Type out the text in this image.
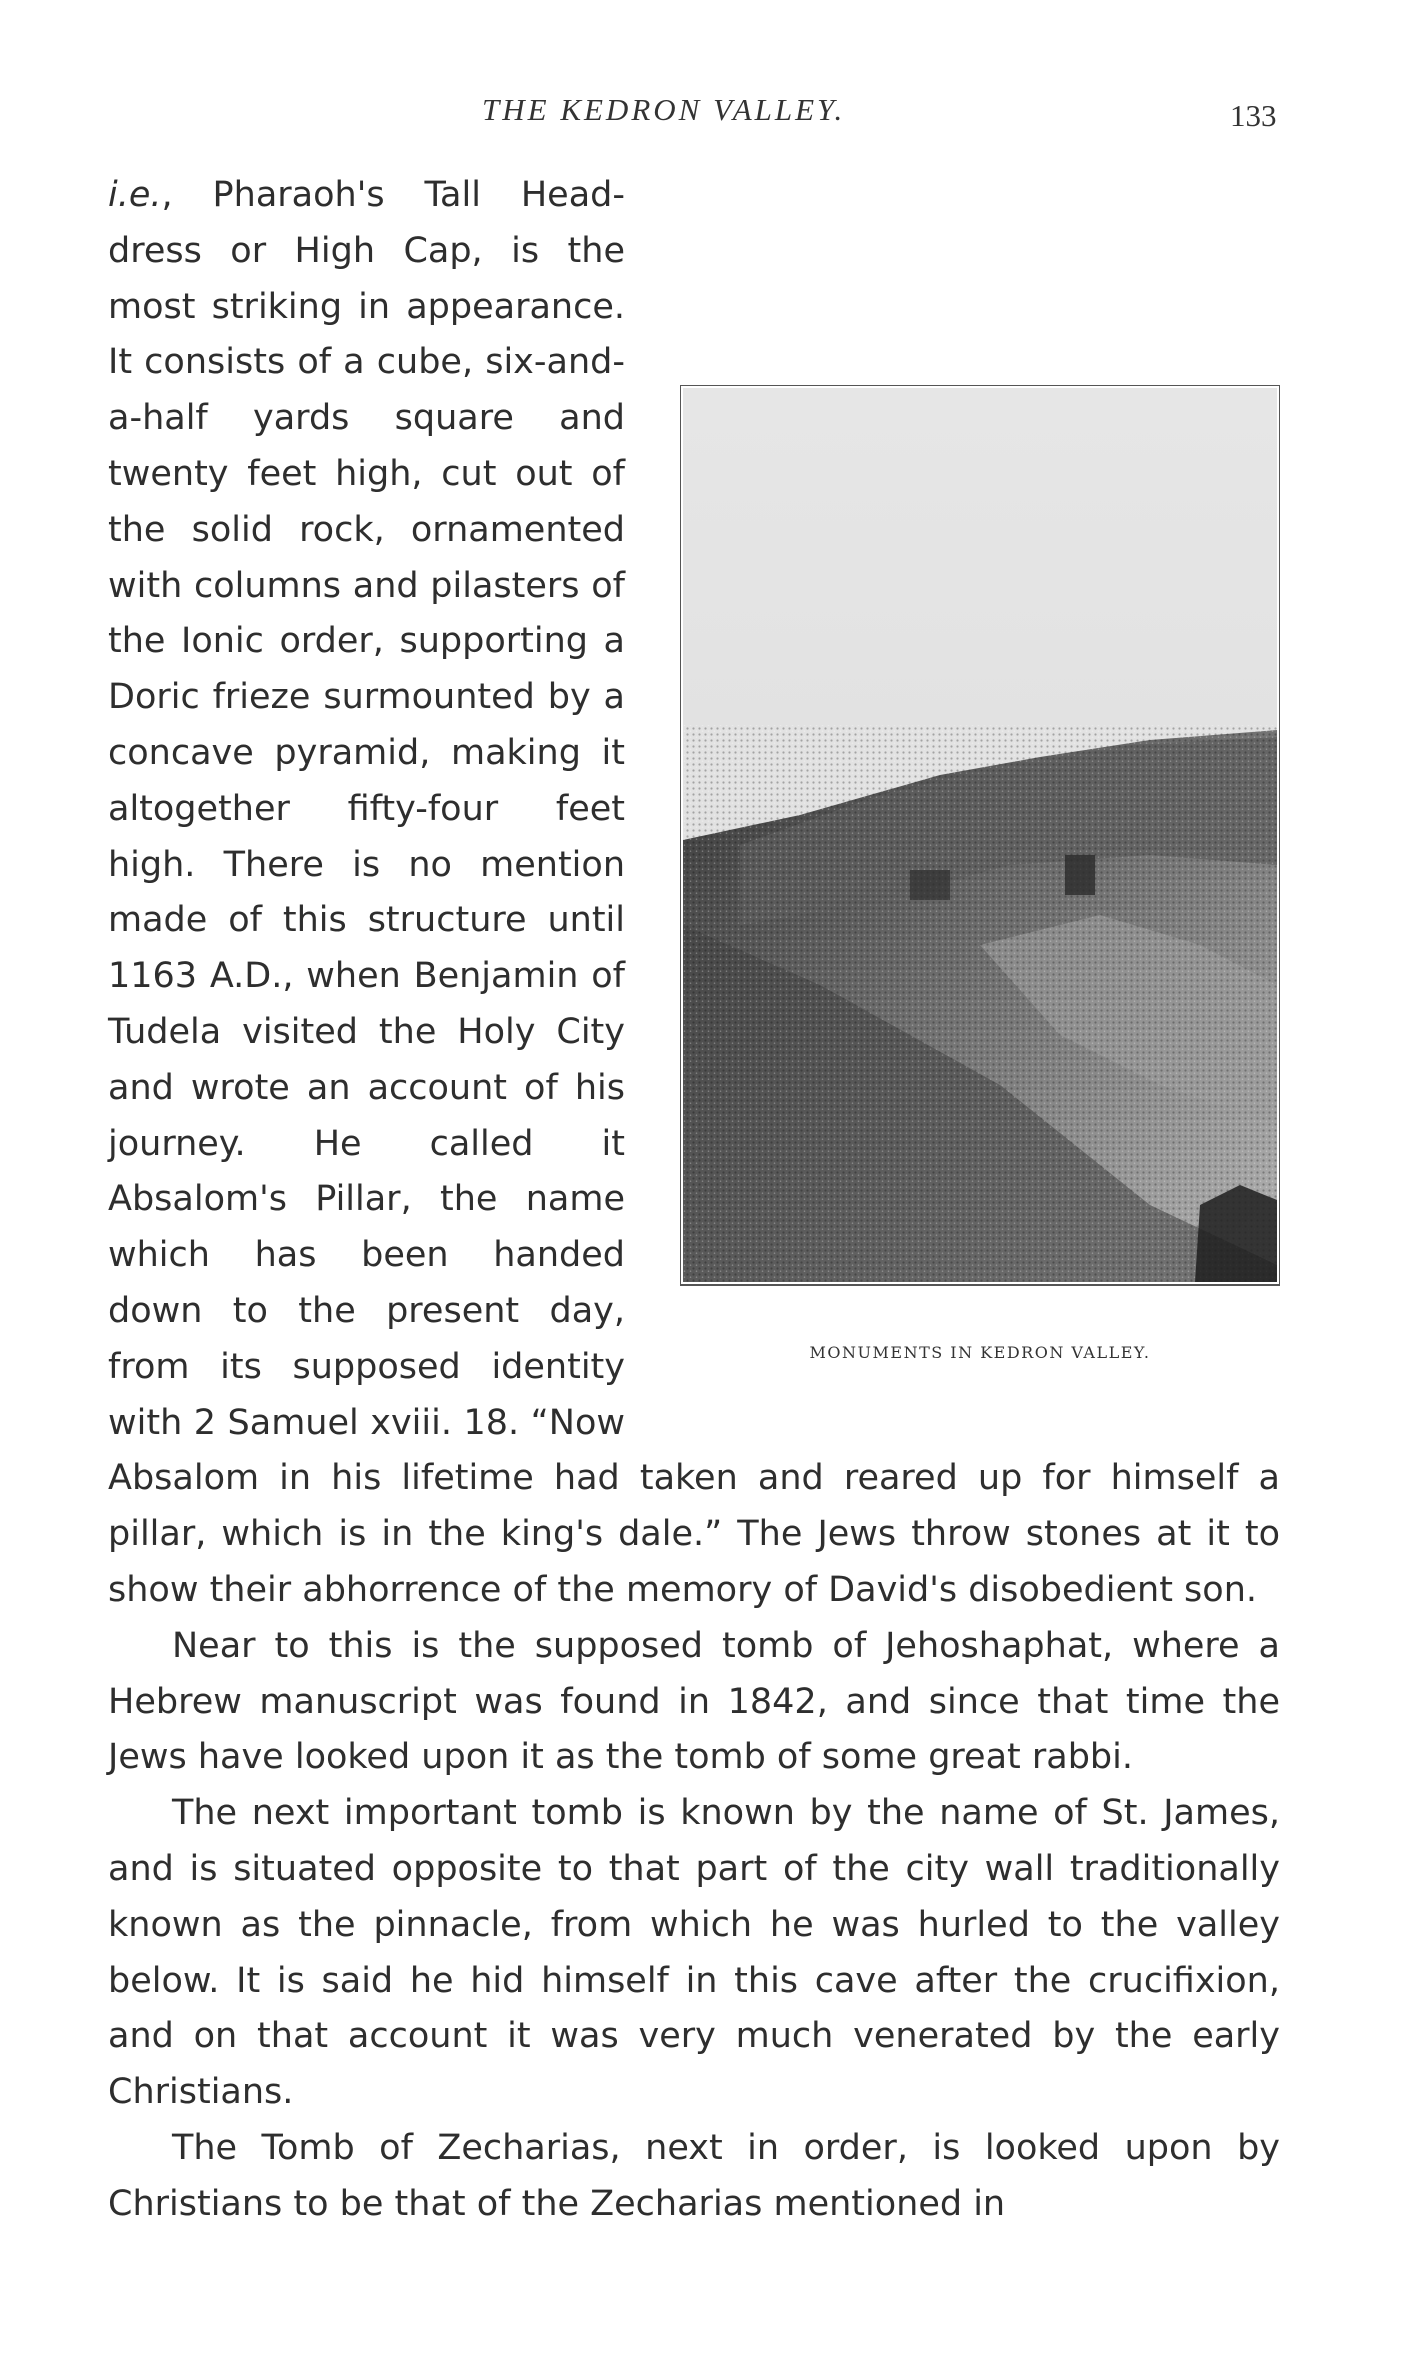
THE KEDRON VALLEY.	133
MONUMENTS IN KEDRON VALLEY.

i.e., Pharaoh's Tall Head-dress or High Cap, is the most striking in appearance. It consists of a cube, six-and-a-half yards square and twenty feet high, cut out of the solid rock, ornamented with columns and pilasters of the Ionic order, supporting a Doric frieze surmounted by a concave pyramid, making it altogether fifty-four feet high. There is no mention made of this structure until 1163 A.D., when Benjamin of Tudela visited the Holy City and wrote an account of his journey. He called it Absalom's Pillar, the name which has been handed down to the present day, from its supposed identity with 2 Samuel xviii. 18. “Now Absalom in his lifetime had taken and reared up for himself a pillar, which is in the king's dale.” The Jews throw stones at it to show their abhorrence of the memory of David's disobedient son.

Near to this is the supposed tomb of Jehoshaphat, where a Hebrew manuscript was found in 1842, and since that time the Jews have looked upon it as the tomb of some great rabbi.

The next important tomb is known by the name of St. James, and is situated opposite to that part of the city wall traditionally known as the pinnacle, from which he was hurled to the valley below. It is said he hid himself in this cave after the crucifixion, and on that account it was very much venerated by the early Christians.

The Tomb of Zecharias, next in order, is looked upon by Christians to be that of the Zecharias mentioned in
